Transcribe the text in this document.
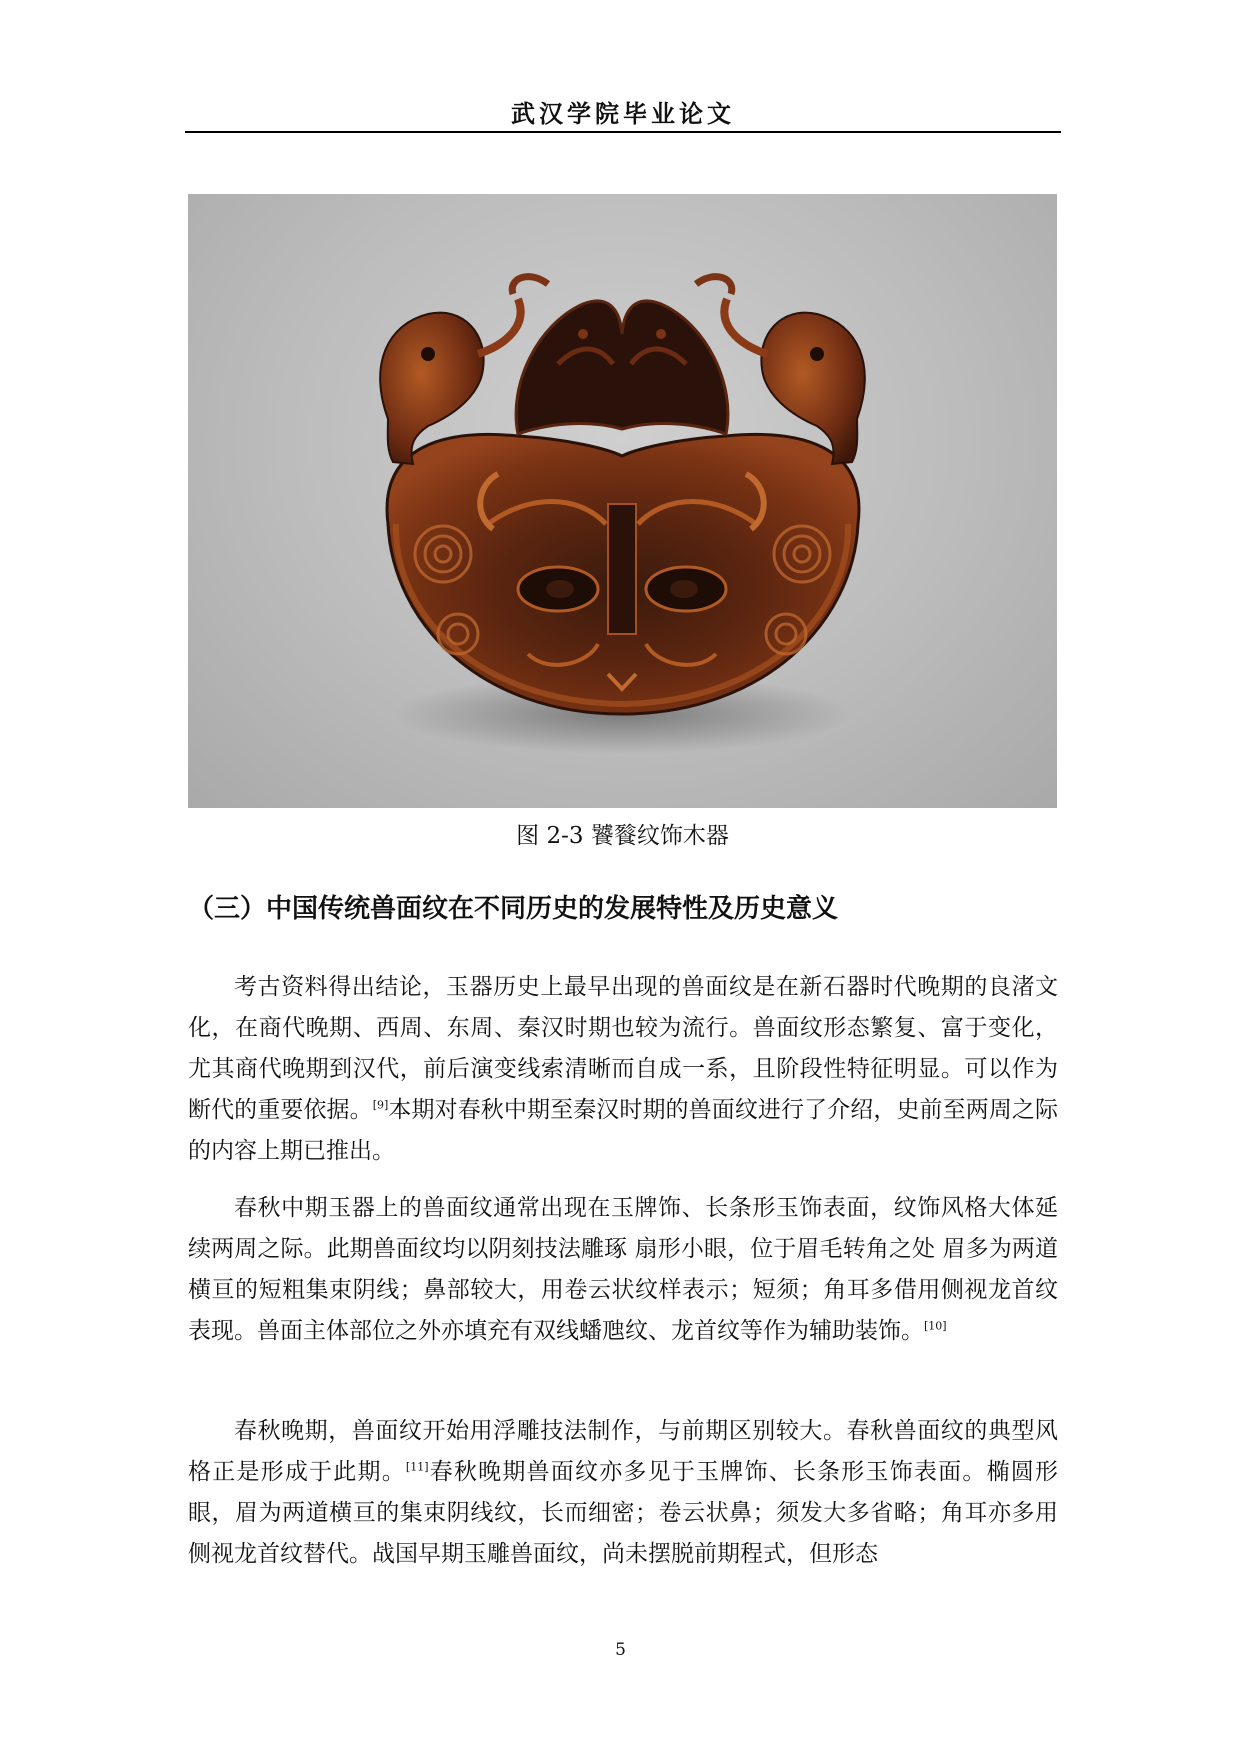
武汉学院毕业论文
图 2-3 饕餮纹饰木器
（三）中国传统兽面纹在不同历史的发展特性及历史意义

考古资料得出结论，玉器历史上最早出现的兽面纹是在新石器时代晚期的良渚文化，在商代晚期、西周、东周、秦汉时期也较为流行。兽面纹形态繁复、富于变化，尤其商代晚期到汉代，前后演变线索清晰而自成一系，且阶段性特征明显。可以作为断代的重要依据。[9]本期对春秋中期至秦汉时期的兽面纹进行了介绍，史前至两周之际的内容上期已推出。

春秋中期玉器上的兽面纹通常出现在玉牌饰、长条形玉饰表面，纹饰风格大体延续两周之际。此期兽面纹均以阴刻技法雕琢 扇形小眼，位于眉毛转角之处 眉多为两道横亘的短粗集束阴线；鼻部较大，用卷云状纹样表示；短须；角耳多借用侧视龙首纹表现。兽面主体部位之外亦填充有双线蟠虺纹、龙首纹等作为辅助装饰。[10]

春秋晚期，兽面纹开始用浮雕技法制作，与前期区别较大。春秋兽面纹的典型风格正是形成于此期。[11]春秋晚期兽面纹亦多见于玉牌饰、长条形玉饰表面。椭圆形眼，眉为两道横亘的集束阴线纹，长而细密；卷云状鼻；须发大多省略；角耳亦多用侧视龙首纹替代。战国早期玉雕兽面纹，尚未摆脱前期程式，但形态

5
